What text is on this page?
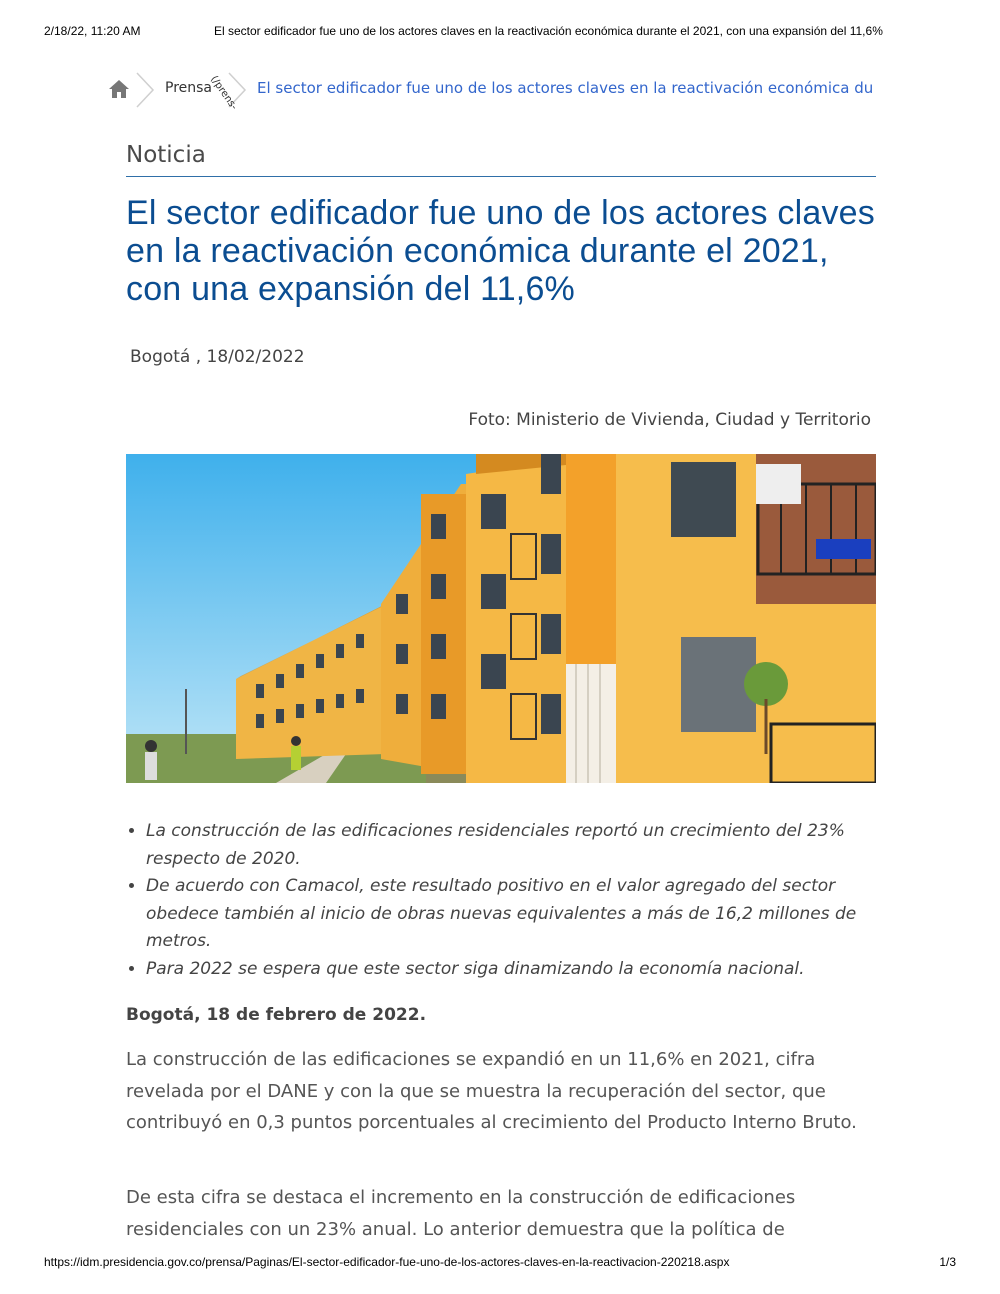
2/18/22, 11:20 AM	El sector edificador fue uno de los actores claves en la reactivación económica durante el 2021, con una expansión del 11,6%
Prensa
(/prens- El sector edificador fue uno de los actores claves en la reactivación económica du
Noticia
El sector edificador fue uno de los actores claves en la reactivación económica durante el 2021, con una expansión del 11,6%
Bogotá , 18/02/2022
Foto: Ministerio de Vivienda, Ciudad y Territorio
• La construcción de las edificaciones residenciales reportó un crecimiento del 23% respecto de 2020.
• De acuerdo con Camacol, este resultado positivo en el valor agregado del sector obedece también al inicio de obras nuevas equivalentes a más de 16,2 millones de metros.
• Para 2022 se espera que este sector siga dinamizando la economía nacional.
Bogotá, 18 de febrero de 2022.

La construcción de las edificaciones se expandió en un 11,6% en 2021, cifra revelada por el DANE y con la que se muestra la recuperación del sector, que contribuyó en 0,3 puntos porcentuales al crecimiento del Producto Interno Bruto.

De esta cifra se destaca el incremento en la construcción de edificaciones residenciales con un 23% anual. Lo anterior demuestra que la política de

https://idm.presidencia.gov.co/prensa/Paginas/El-sector-edificador-fue-uno-de-los-actores-claves-en-la-reactivacion-220218.aspx	1/3
